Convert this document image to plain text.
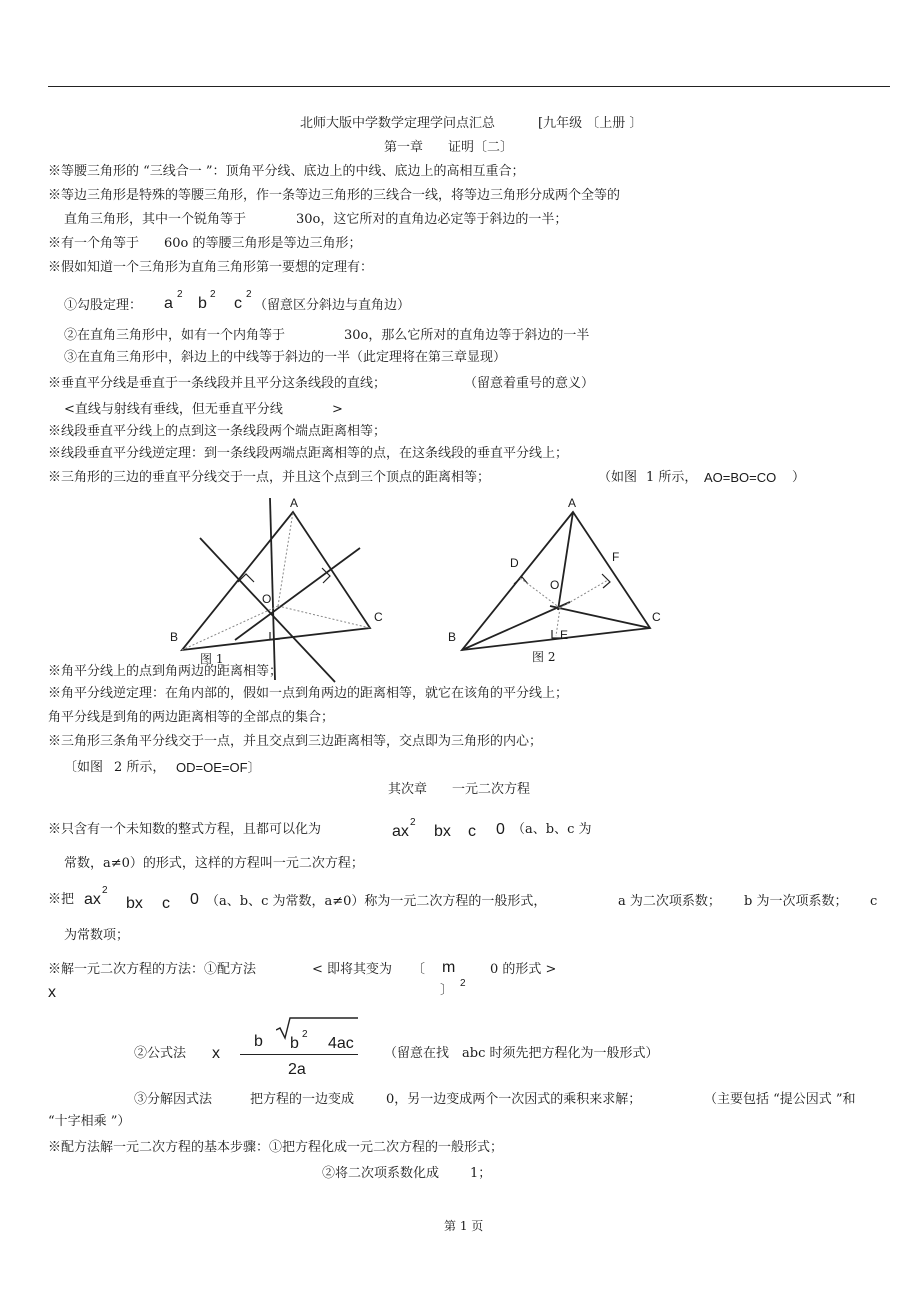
北师大版中学数学定理学问点汇总	[九年级 〔上册 〕
第一章 证明〔二〕
※等腰三角形的 “三线合一 ”：顶角平分线、底边上的中线、底边上的高相互重合；
※等边三角形是特殊的等腰三角形，作一条等边三角形的三线合一线，将等边三角形分成两个全等的
直角三角形，其中一个锐角等于	30o，这它所对的直角边必定等于斜边的一半；
※有一个角等于 60o 的等腰三角形是等边三角形；
※假如知道一个三角形为直角三角形第一要想的定理有：
①勾股定理： a
2
b
2
c
2
（留意区分斜边与直角边）
②在直角三角形中，如有一个内角等于	30o，那么它所对的直角边等于斜边的一半
③在直角三角形中，斜边上的中线等于斜边的一半（此定理将在第三章显现）
※垂直平分线是垂直于一条线段并且平分这条线段的直线；	（留意着重号的意义）
<直线与射线有垂线，但无垂直平分线	>
※线段垂直平分线上的点到这一条线段两个端点距离相等；
※线段垂直平分线逆定理：到一条线段两端点距离相等的点，在这条线段的垂直平分线上；
※三角形的三边的垂直平分线交于一点，并且这个点到三个顶点的距离相等；	（如图 1 所示， AO=BO=CO ）
A
B
C
O
图 1
A
B
C
O
D
E
F
图 2
※角平分线上的点到角两边的距离相等；
※角平分线逆定理：在角内部的，假如一点到角两边的距离相等，就它在该角的平分线上；
角平分线是到角的两边距离相等的全部点的集合；
※三角形三条角平分线交于一点，并且交点到三边距离相等，交点即为三角形的内心；
〔如图 2 所示， OD=OE=OF〕
其次章 一元二次方程
※只含有一个未知数的整式方程，且都可以化为	ax
2
bx c 0 （a、b、c 为
常数，a≠0）的形式，这样的方程叫一元二次方程；
※把 ax
2
bx c 0 （a、b、c 为常数，a≠0）称为一元二次方程的一般形式，	a 为二次项系数； b 为一次项系数； c
为常数项；
※解一元二次方程的方法：①配方法	< 即将其变为 〔 m	0 的形式 >
x	〕 2
②公式法 x
b b
2
4ac
2a
（留意在找 abc 时须先把方程化为一般形式）
③分解因式法	把方程的一边变成 0，另一边变成两个一次因式的乘积来求解；	（主要包括 “提公因式 ”和
“十字相乘 ”）
※配方法解一元二次方程的基本步骤：①把方程化成一元二次方程的一般形式；
②将二次项系数化成 1；
第 1 页
